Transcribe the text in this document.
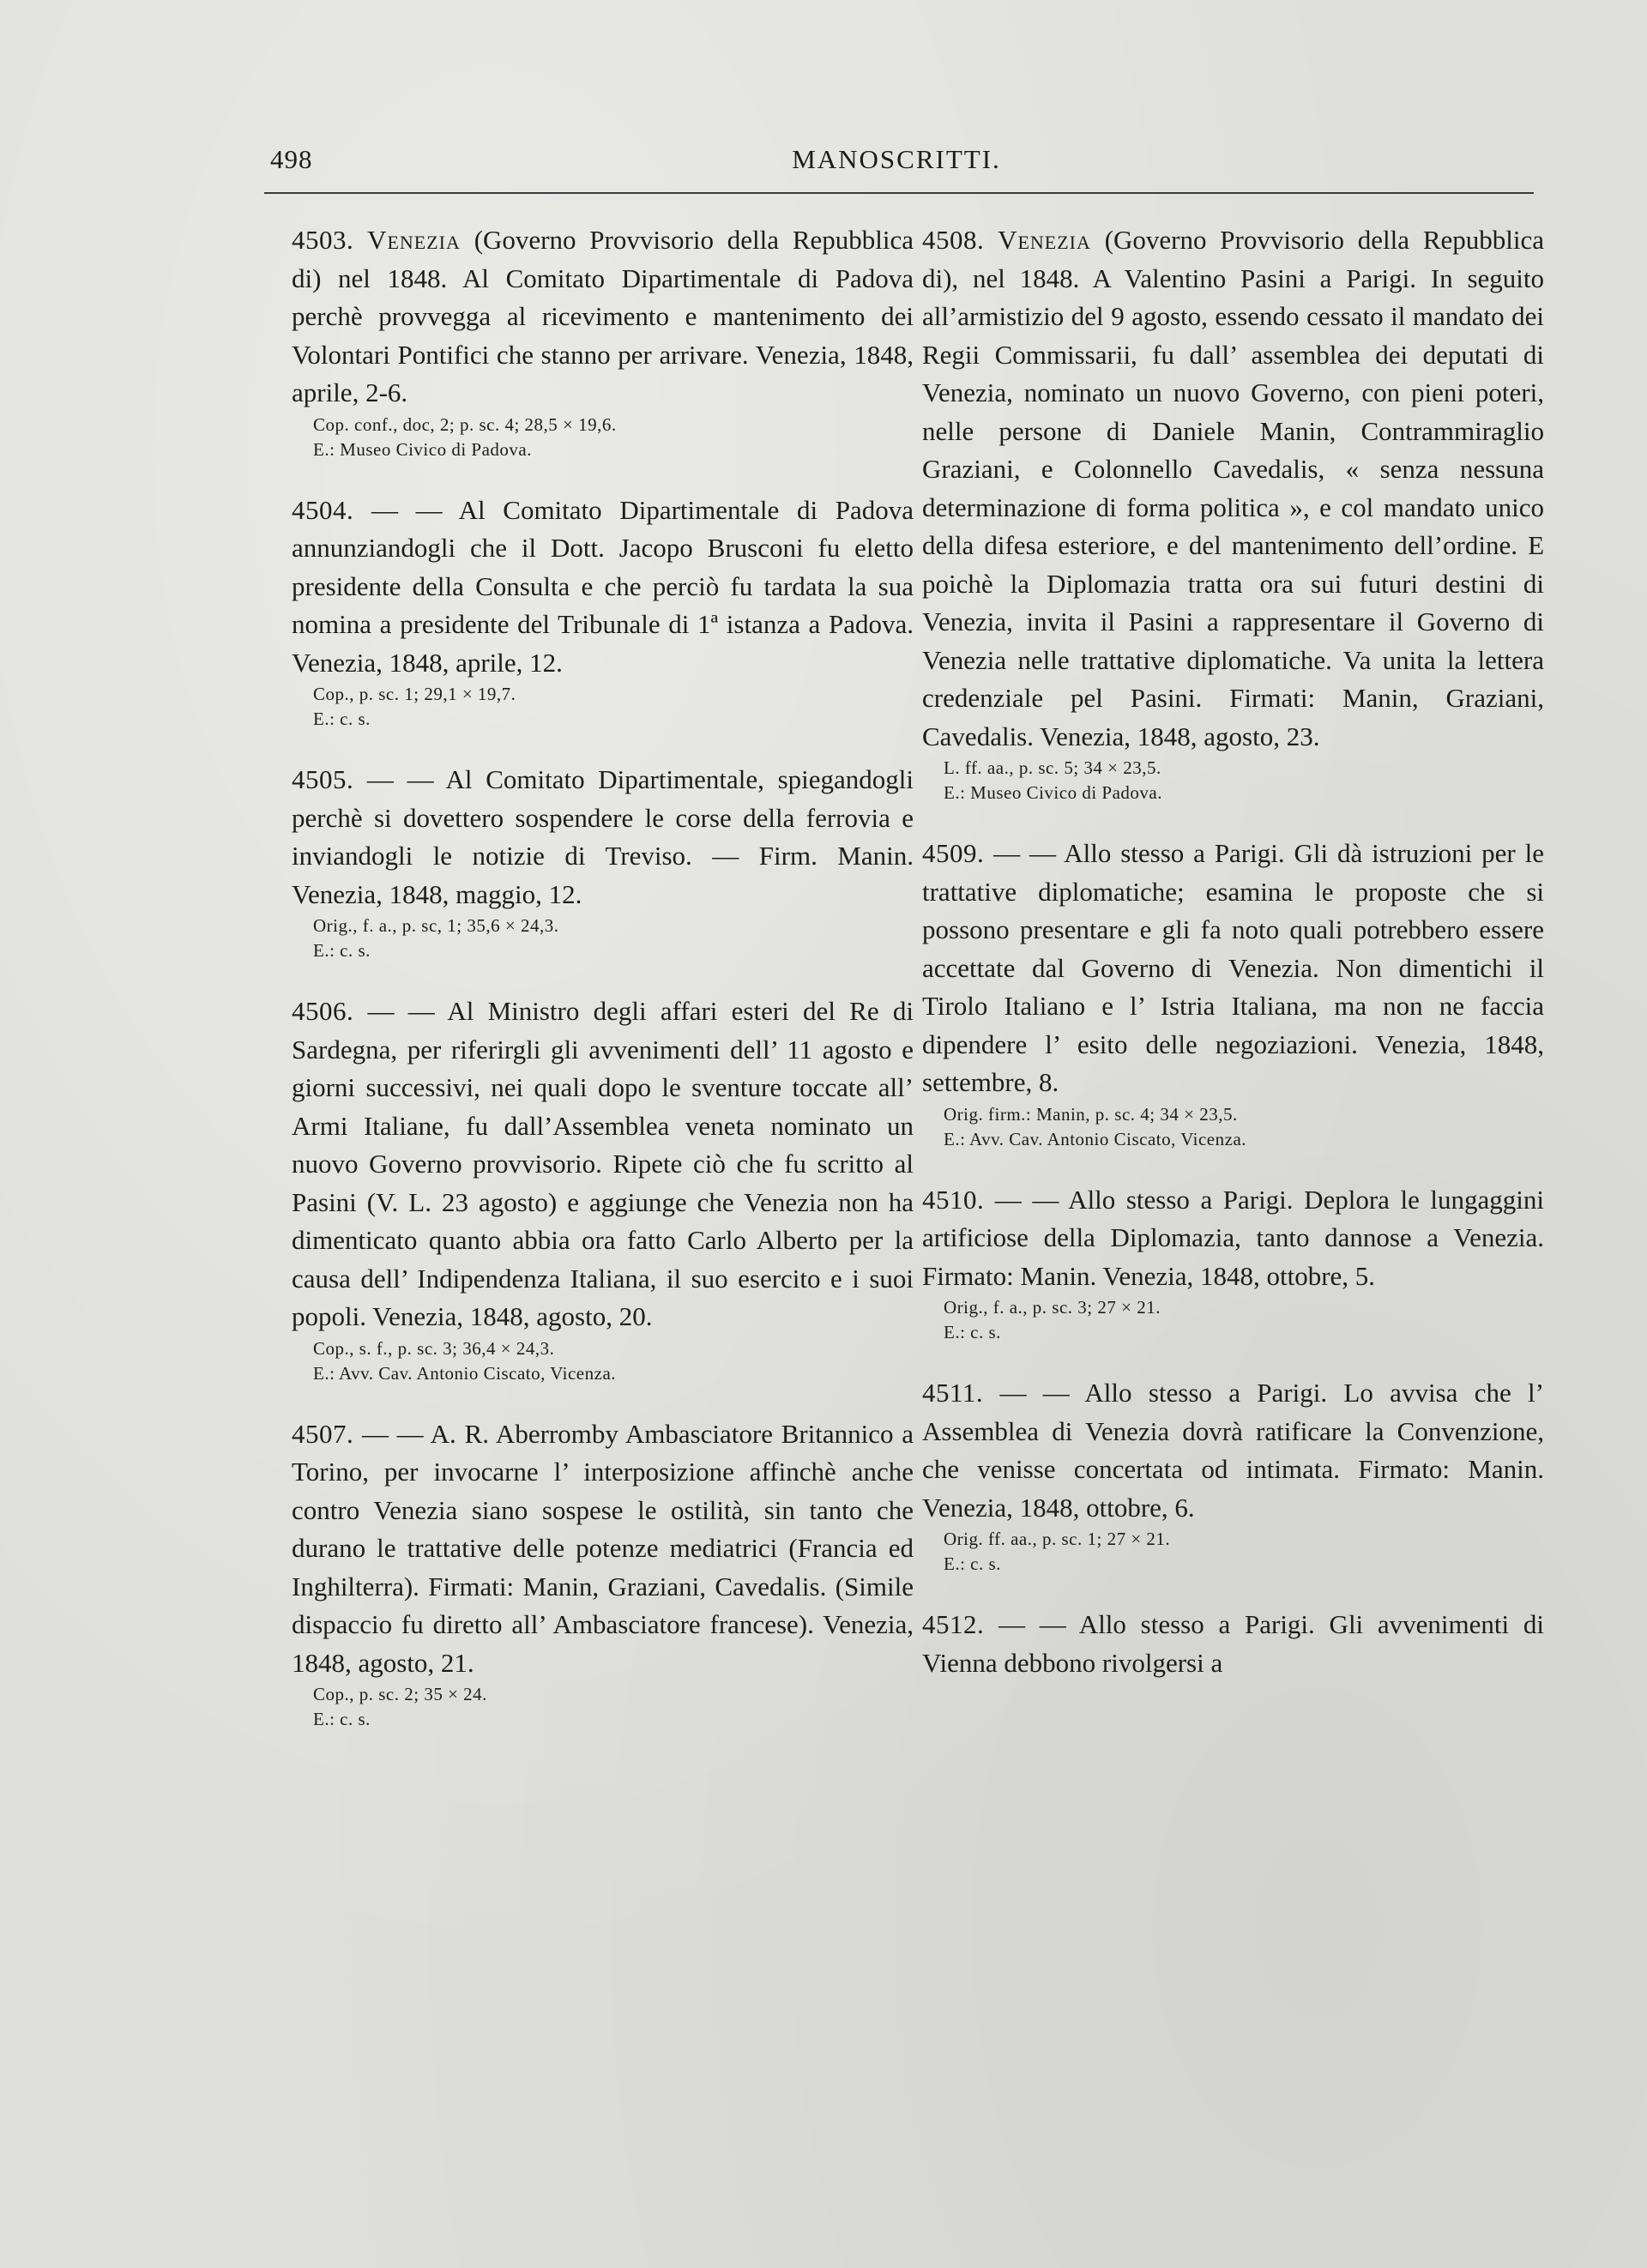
498	MANOSCRITTI.

4503. Venezia (Governo Provvisorio della Repubblica di) nel 1848. Al Comitato Dipartimentale di Padova perchè provvegga al ricevimento e mantenimento dei Volontari Pontifici che stanno per arrivare. Venezia, 1848, aprile, 2-6.

Cop. conf., doc, 2; p. sc. 4; 28,5 × 19,6.

E.: Museo Civico di Padova.

4504. — — Al Comitato Dipartimentale di Padova annunziandogli che il Dott. Jacopo Brusconi fu eletto presidente della Consulta e che perciò fu tardata la sua nomina a presidente del Tribunale di 1ª istanza a Padova. Venezia, 1848, aprile, 12.

Cop., p. sc. 1; 29,1 × 19,7.

E.: c. s.

4505. — — Al Comitato Dipartimentale, spiegandogli perchè si dovettero sospendere le corse della ferrovia e inviandogli le notizie di Treviso. — Firm. Manin. Venezia, 1848, maggio, 12.

Orig., f. a., p. sc, 1; 35,6 × 24,3.

E.: c. s.

4506. — — Al Ministro degli affari esteri del Re di Sardegna, per riferirgli gli avvenimenti dell’ 11 agosto e giorni successivi, nei quali dopo le sventure toccate all’ Armi Italiane, fu dall’Assemblea veneta nominato un nuovo Governo provvisorio. Ripete ciò che fu scritto al Pasini (V. L. 23 agosto) e aggiunge che Venezia non ha dimenticato quanto abbia ora fatto Carlo Alberto per la causa dell’ Indipendenza Italiana, il suo esercito e i suoi popoli. Venezia, 1848, agosto, 20.

Cop., s. f., p. sc. 3; 36,4 × 24,3.

E.: Avv. Cav. Antonio Ciscato, Vicenza.

4507. — — A. R. Aberromby Ambasciatore Britannico a Torino, per invocarne l’ interposizione affinchè anche contro Venezia siano sospese le ostilità, sin tanto che durano le trattative delle potenze mediatrici (Francia ed Inghilterra). Firmati: Manin, Graziani, Cavedalis. (Simile dispaccio fu diretto all’ Ambasciatore francese). Venezia, 1848, agosto, 21.

Cop., p. sc. 2; 35 × 24.

E.: c. s.

4508. Venezia (Governo Provvisorio della Repubblica di), nel 1848. A Valentino Pasini a Parigi. In seguito all’armistizio del 9 agosto, essendo cessato il mandato dei Regii Commissarii, fu dall’ assemblea dei deputati di Venezia, nominato un nuovo Governo, con pieni poteri, nelle persone di Daniele Manin, Contrammiraglio Graziani, e Colonnello Cavedalis, « senza nessuna determinazione di forma politica », e col mandato unico della difesa esteriore, e del mantenimento dell’ordine. E poichè la Diplomazia tratta ora sui futuri destini di Venezia, invita il Pasini a rappresentare il Governo di Venezia nelle trattative diplomatiche. Va unita la lettera credenziale pel Pasini. Firmati: Manin, Graziani, Cavedalis. Venezia, 1848, agosto, 23.

L. ff. aa., p. sc. 5; 34 × 23,5.

E.: Museo Civico di Padova.

4509. — — Allo stesso a Parigi. Gli dà istruzioni per le trattative diplomatiche; esamina le proposte che si possono presentare e gli fa noto quali potrebbero essere accettate dal Governo di Venezia. Non dimentichi il Tirolo Italiano e l’ Istria Italiana, ma non ne faccia dipendere l’ esito delle negoziazioni. Venezia, 1848, settembre, 8.

Orig. firm.: Manin, p. sc. 4; 34 × 23,5.

E.: Avv. Cav. Antonio Ciscato, Vicenza.

4510. — — Allo stesso a Parigi. Deplora le lungaggini artificiose della Diplomazia, tanto dannose a Venezia. Firmato: Manin. Venezia, 1848, ottobre, 5.

Orig., f. a., p. sc. 3; 27 × 21.

E.: c. s.

4511. — — Allo stesso a Parigi. Lo avvisa che l’ Assemblea di Venezia dovrà ratificare la Convenzione, che venisse concertata od intimata. Firmato: Manin. Venezia, 1848, ottobre, 6.

Orig. ff. aa., p. sc. 1; 27 × 21.

E.: c. s.

4512. — — Allo stesso a Parigi. Gli avvenimenti di Vienna debbono rivolgersi a
